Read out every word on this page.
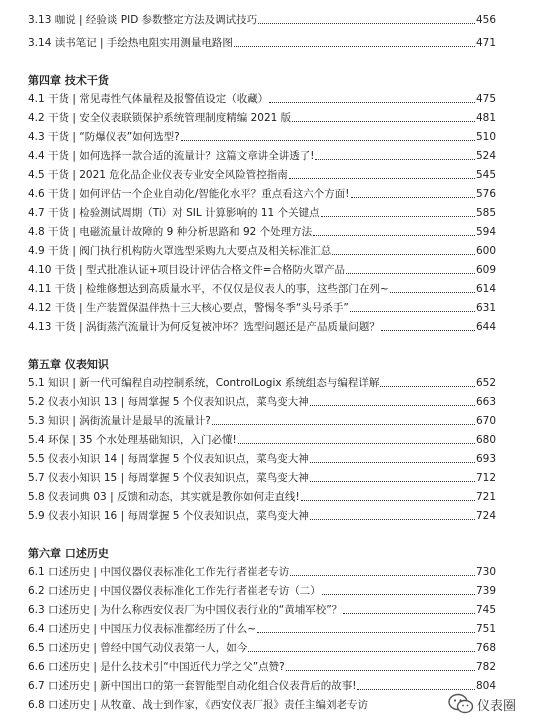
3.13 咖说 | 经验谈 PID 参数整定方法及调试技巧	456
3.14 读书笔记 | 手绘热电阻实用测量电路图	471
第四章 技术干货
4.1 干货 | 常见毒性气体量程及报警值设定（收藏）	475
4.2 干货 | 安全仪表联锁保护系统管理制度精编 2021 版	481
4.3 干货 | “防爆仪表”如何选型?	510
4.4 干货 | 如何选择一款合适的流量计？这篇文章讲全讲透了!	524
4.5 干货 | 2021 危化品企业仪表专业安全风险管控指南	545
4.6 干货 | 如何评估一个企业自动化/智能化水平？重点看这六个方面!	576
4.7 干货 | 检验测试周期（Ti）对 SIL 计算影响的 11 个关键点	585
4.8 干货 | 电磁流量计故障的 9 种分析思路和 92 个处理方法	594
4.9 干货 | 阀门执行机构防火罩选型采购九大要点及相关标准汇总	600
4.10 干货 | 型式批准认证+项目设计评估合格文件=合格防火罩产品	609
4.11 干货 | 检维修想达到高质量水平，不仅仅是仪表人的事，这些部门在列~	614
4.12 干货 | 生产装置保温伴热十三大核心要点，警惕冬季“头号杀手”	631
4.13 干货 | 涡街蒸汽流量计为何反复被冲坏？选型问题还是产品质量问题？	644
第五章 仪表知识
5.1 知识 | 新一代可编程自动控制系统，ControlLogix 系统组态与编程详解	652
5.2 仪表小知识 13 | 每周掌握 5 个仪表知识点，菜鸟变大神	663
5.3 知识 | 涡街流量计是最早的流量计?	670
5.4 环保 | 35 个水处理基础知识，入门必懂!	680
5.5 仪表小知识 14 | 每周掌握 5 个仪表知识点，菜鸟变大神	693
5.7 仪表小知识 15 | 每周掌握 5 个仪表知识点，菜鸟变大神	712
5.8 仪表词典 03 | 反馈和动态，其实就是教你如何走直线!	721
5.9 仪表小知识 16 | 每周掌握 5 个仪表知识点，菜鸟变大神	724
第六章 口述历史
6.1 口述历史 | 中国仪器仪表标准化工作先行者崔老专访	730
6.2 口述历史 | 中国仪器仪表标准化工作先行者崔老专访（二）	739
6.3 口述历史 | 为什么称西安仪表厂为中国仪表行业的“黄埔军校”？	745
6.4 口述历史 | 中国压力仪表标准都经历了什么~	751
6.5 口述历史 | 曾经中国气动仪表第一人，如今	768
6.6 口述历史 | 是什么技术引“中国近代力学之父”点赞?	782
6.7 口述历史 | 新中国出口的第一套智能型自动化组合仪表背后的故事!	804
6.8 口述历史 | 从牧童、战士到作家，《西安仪表厂报》责任主编刘老专访	仪表圈
